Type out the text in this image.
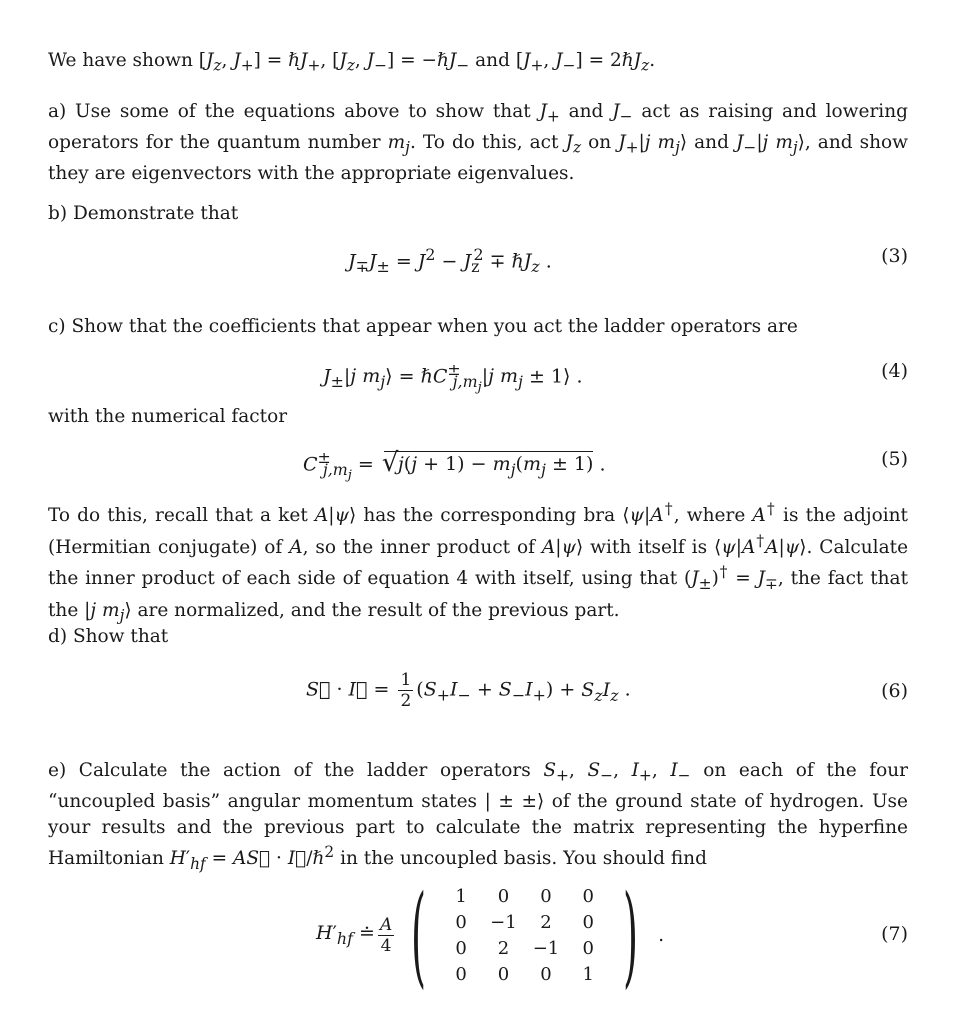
We have shown [$J_z$, $J_+$] = ℏJ$_+$, [$J_z$, $J_-$] = −ℏJ$_-$ and [$J_+$, $J_-$] = 2ℏJ$_z$.

a) Use some of the equations above to show that $J_+$ and $J_-$ act as raising and lowering operators for the quantum number $m_j$. To do this, act $J_z$ on $J_+|j$ $m_j⟩$ and $J_-|j$ $m_j⟩$, and show they are eigenvectors with the appropriate eigenvalues.

b) Demonstrate that

$J_\mp J_\pm = J^2 - J_z^2$ ∓ ℏJ$_z$ .	(3)

c) Show that the coefficients that appear when you act the ladder operators are

$J_\pm|j$ $m_j⟩$ = ℏC±$_{j,m_j}$|j $m_j$ ± 1⟩ .	(4)

with the numerical factor

$C^\pm_{j,m_j}$ = √ $j(j + 1) - m_j(m_j \pm 1)$ .	(5)

To do this, recall that a ket A|ψ⟩ has the corresponding bra ⟨ψ|A†, where A† is the adjoint (Hermitian conjugate) of A, so the inner product of A|ψ⟩ with itself is ⟨ψ|A†A|ψ⟩. Calculate the inner product of each side of equation 4 with itself, using that $(J_\pm)^\dagger = J_\mp$, the fact that the |j $m_j⟩$ are normalized, and the result of the previous part.

d) Show that

S⃗ · I⃗ = $\frac{1}{2} (S_+I_- + S_-I_+) + S_zI_z$ .	(6)

e) Calculate the action of the ladder operators $S_+$, $S_-$, $I_+$, $I_-$ on each of the four “uncoupled basis” angular momentum states | ± ±⟩ of the ground state of hydrogen. Use your results and the previous part to calculate the matrix representing the hyperfine Hamiltonian $H'_{hf}$ = AS⃗ · I⃗/ℏ$^2$ in the uncoupled basis. You should find

$H'_{hf}$ ≐ $\frac{A}{4}$ ( 1	0	0	0
0	−1	2	0
0	2	−1	0
0	0	0	1 ) .	(7)
